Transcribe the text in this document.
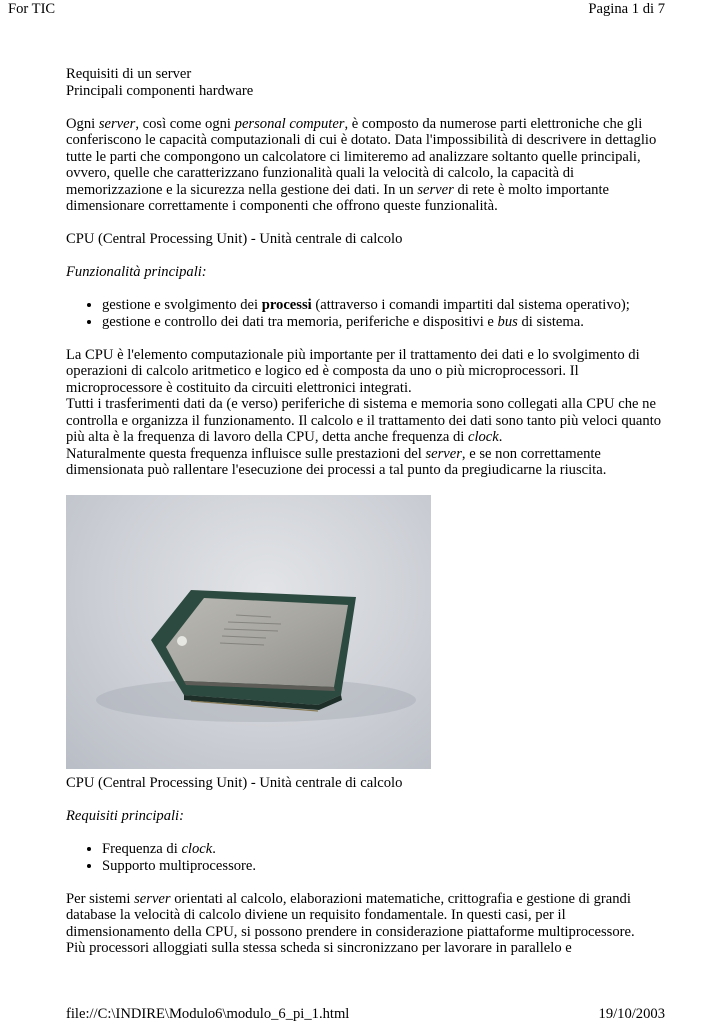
For TIC	Pagina 1 di 7

Requisiti di un server

Principali componenti hardware

Ogni server, così come ogni personal computer, è composto da numerose parti elettroniche che gli conferiscono le capacità computazionali di cui è dotato. Data l'impossibilità di descrivere in dettaglio tutte le parti che compongono un calcolatore ci limiteremo ad analizzare soltanto quelle principali, ovvero, quelle che caratterizzano funzionalità quali la velocità di calcolo, la capacità di memorizzazione e la sicurezza nella gestione dei dati. In un server di rete è molto importante dimensionare correttamente i componenti che offrono queste funzionalità.

CPU (Central Processing Unit) - Unità centrale di calcolo

Funzionalità principali:

• gestione e svolgimento dei processi (attraverso i comandi impartiti dal sistema operativo);
• gestione e controllo dei dati tra memoria, periferiche e dispositivi e bus di sistema.

La CPU è l'elemento computazionale più importante per il trattamento dei dati e lo svolgimento di operazioni di calcolo aritmetico e logico ed è composta da uno o più microprocessori. Il microprocessore è costituito da circuiti elettronici integrati.
Tutti i trasferimenti dati da (e verso) periferiche di sistema e memoria sono collegati alla CPU che ne controlla e organizza il funzionamento. Il calcolo e il trattamento dei dati sono tanto più veloci quanto più alta è la frequenza di lavoro della CPU, detta anche frequenza di clock.
Naturalmente questa frequenza influisce sulle prestazioni del server, e se non correttamente dimensionata può rallentare l'esecuzione dei processi a tal punto da pregiudicarne la riuscita.

CPU (Central Processing Unit) - Unità centrale di calcolo

Requisiti principali:

• Frequenza di clock.
• Supporto multiprocessore.

Per sistemi server orientati al calcolo, elaborazioni matematiche, crittografia e gestione di grandi database la velocità di calcolo diviene un requisito fondamentale. In questi casi, per il dimensionamento della CPU, si possono prendere in considerazione piattaforme multiprocessore.
Più processori alloggiati sulla stessa scheda si sincronizzano per lavorare in parallelo e

file://C:\INDIRE\Modulo6\modulo_6_pi_1.html	19/10/2003
